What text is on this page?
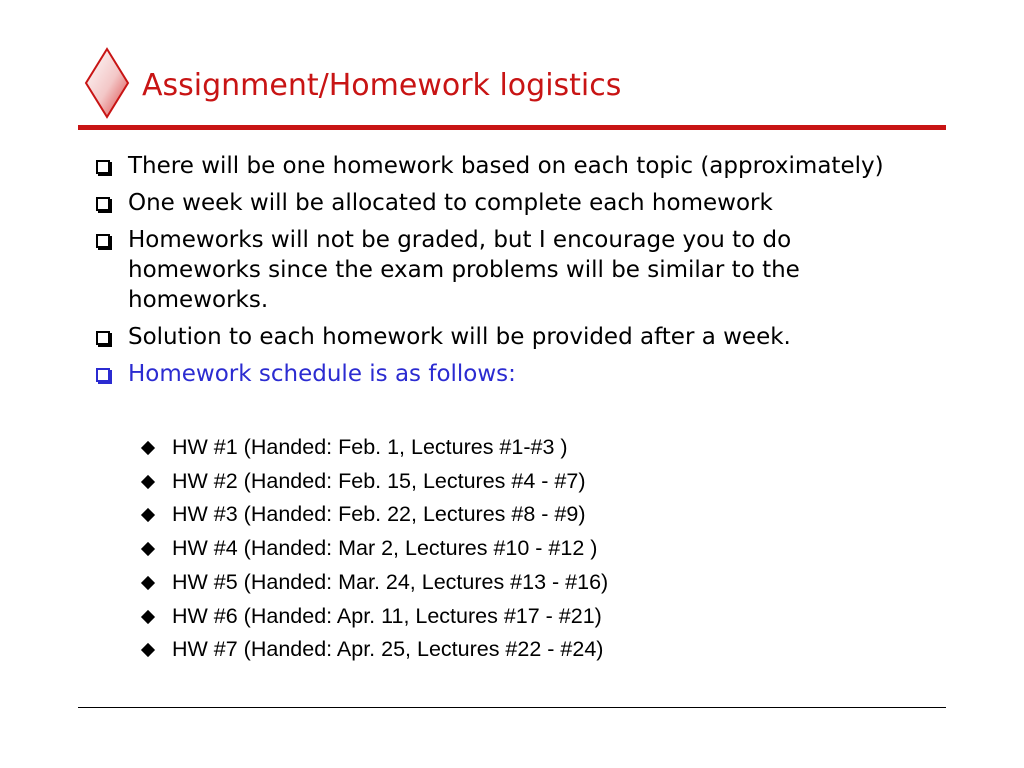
Assignment/Homework logistics
There will be one homework based on each topic (approximately)
One week will be allocated to complete each homework
Homeworks will not be graded, but I encourage you to do homeworks since the exam problems will be similar to the homeworks.
Solution to each homework will be provided after a week.
Homework schedule is as follows:
HW #1 (Handed: Feb. 1, Lectures #1-#3 )
HW #2 (Handed: Feb. 15, Lectures #4 - #7)
HW #3 (Handed: Feb. 22, Lectures #8 - #9)
HW #4 (Handed: Mar 2, Lectures #10 - #12 )
HW #5 (Handed: Mar. 24, Lectures #13 - #16)
HW #6 (Handed: Apr. 11, Lectures #17 - #21)
HW #7 (Handed: Apr. 25, Lectures #22 - #24)
